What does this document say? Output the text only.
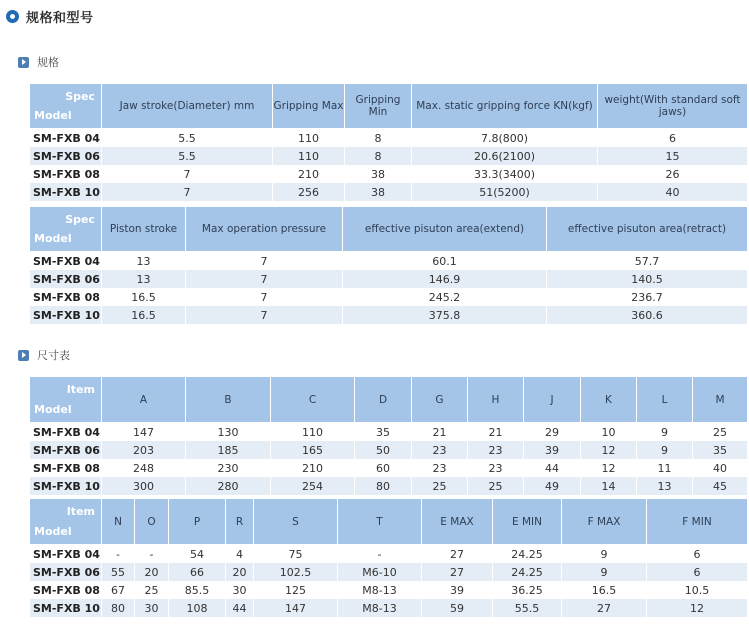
规格和型号
规格
Spec
Model	Jaw stroke(Diameter) mm	Gripping Max	Gripping Min	Max. static gripping force KN(kgf)	weight(With standard soft jaws)
SM-FXB 04	5.5	110	8	7.8(800)	6
SM-FXB 06	5.5	110	8	20.6(2100)	15
SM-FXB 08	7	210	38	33.3(3400)	26
SM-FXB 10	7	256	38	51(5200)	40
Spec
Model	Piston stroke	Max operation pressure	effective pisuton area(extend)	effective pisuton area(retract)
SM-FXB 04	13	7	60.1	57.7
SM-FXB 06	13	7	146.9	140.5
SM-FXB 08	16.5	7	245.2	236.7
SM-FXB 10	16.5	7	375.8	360.6
尺寸表
Item
Model	A	B	C	D	G	H	J	K	L	M
SM-FXB 04	147	130	110	35	21	21	29	10	9	25
SM-FXB 06	203	185	165	50	23	23	39	12	9	35
SM-FXB 08	248	230	210	60	23	23	44	12	11	40
SM-FXB 10	300	280	254	80	25	25	49	14	13	45
Item
Model	N	O	P	R	S	T	E MAX	E MIN	F MAX	F MIN
SM-FXB 04	-	-	54	4	75	-	27	24.25	9	6
SM-FXB 06	55	20	66	20	102.5	M6-10	27	24.25	9	6
SM-FXB 08	67	25	85.5	30	125	M8-13	39	36.25	16.5	10.5
SM-FXB 10	80	30	108	44	147	M8-13	59	55.5	27	12
